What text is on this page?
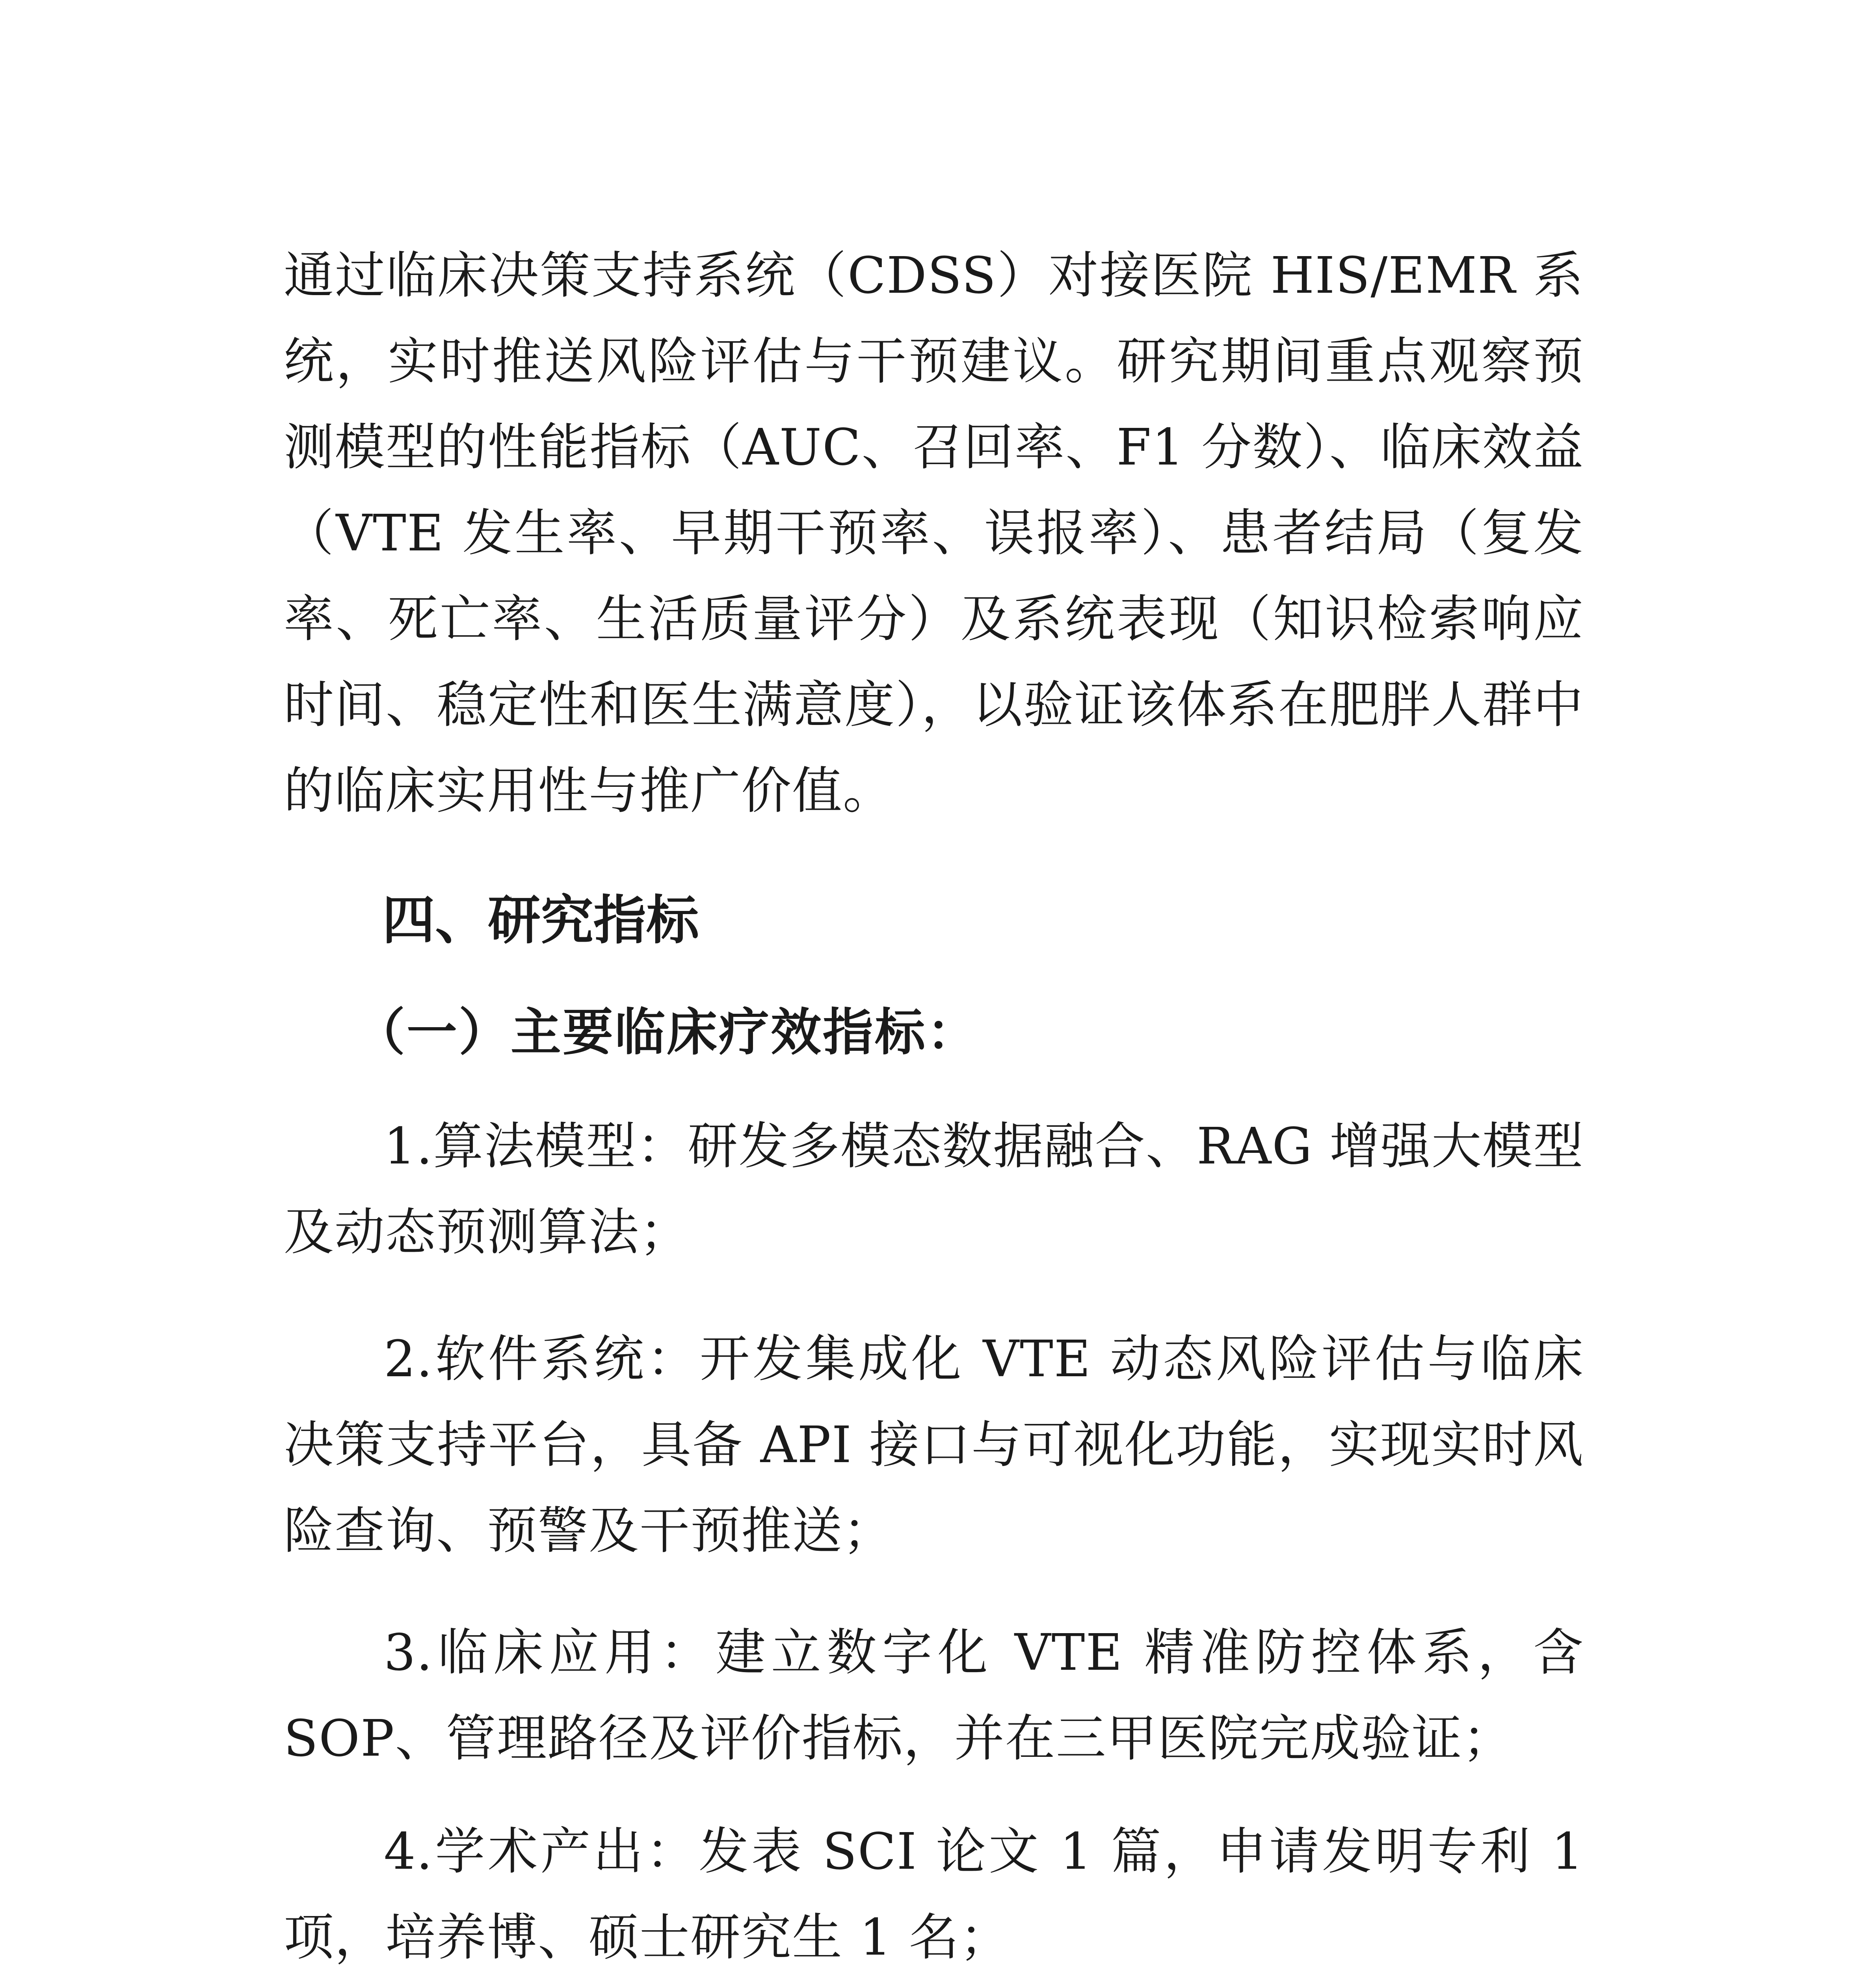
通过临床决策支持系统（CDSS）对接医院 HIS/EMR 系统，实时推送风险评估与干预建议。研究期间重点观察预测模型的性能指标（AUC、召回率、F1 分数）、临床效益（VTE 发生率、早期干预率、误报率）、患者结局（复发率、死亡率、生活质量评分）及系统表现（知识检索响应时间、稳定性和医生满意度），以验证该体系在肥胖人群中的临床实用性与推广价值。

四、研究指标
（一）主要临床疗效指标：

1.算法模型：研发多模态数据融合、RAG 增强大模型及动态预测算法；

2.软件系统：开发集成化 VTE 动态风险评估与临床决策支持平台，具备 API 接口与可视化功能，实现实时风险查询、预警及干预推送；

3.临床应用：建立数字化 VTE 精准防控体系，含 SOP、管理路径及评价指标，并在三甲医院完成验证；

4.学术产出：发表 SCI 论文 1 篇，申请发明专利 1 项，培养博、硕士研究生 1 名；
